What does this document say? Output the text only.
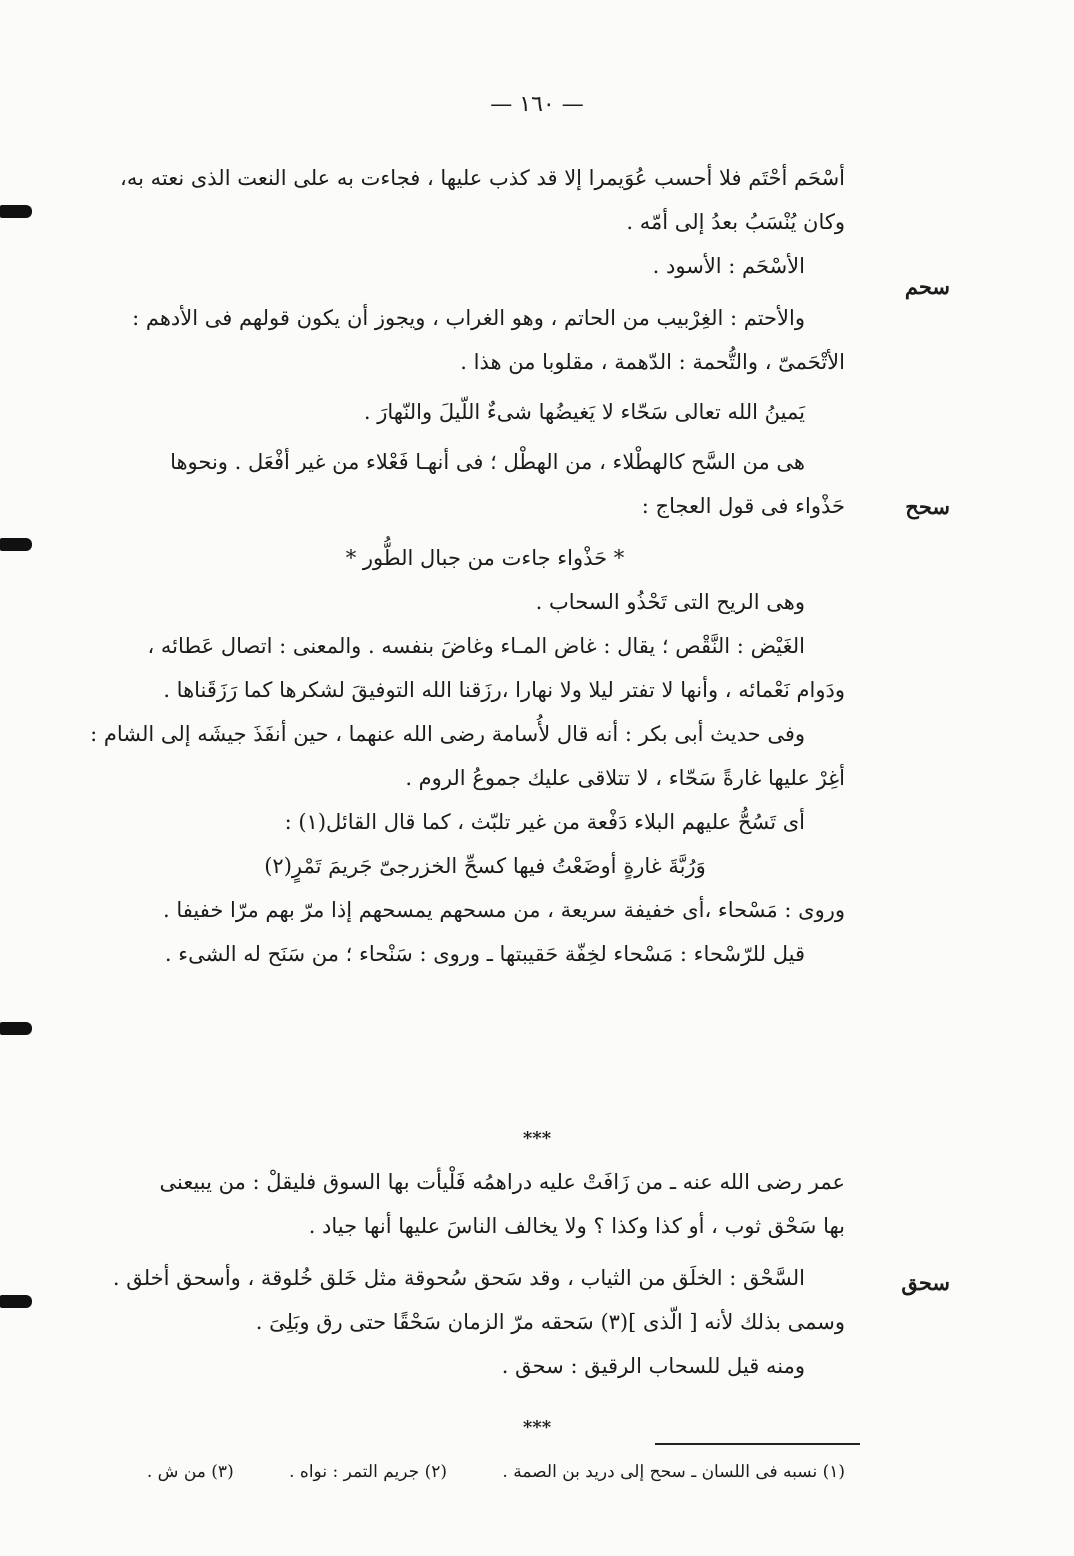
— ١٦٠ —
سحم
سحح
سحق
أسْحَم أحْتَم فلا أحسب عُوَيمرا إلا قد كذب عليها ، فجاءت به على النعت الذى نعته به،
وكان يُنْسَبُ بعدُ إلى أمّه .
الأسْحَم : الأسود .
والأحتم : الغِرْبيب من الحاتم ، وهو الغراب ، ويجوز أن يكون قولهم فى الأدهم :
الأتْحَمىّ ، والتُّحمة : الدّهمة ، مقلوبا من هذا .
يَمينُ الله تعالى سَحّاء لا يَغيضُها شىءٌ اللّيلَ والنّهارَ .
هى من السَّح كالهطْلاء ، من الهطْل ؛ فى أنهـا فَعْلاء من غير أفْعَل . ونحوها
حَذْواء فى قول العجاج :
* حَذْواء جاءت من جبال الطُّور *
وهى الريح التى تَحْذُو السحاب .
الغَيْض : النَّقْص ؛ يقال : غاض المـاء وغاضَ بنفسه . والمعنى : اتصال عَطائه ،
ودَوام نَعْمائه ، وأنها لا تفتر ليلا ولا نهارا ،رزَقنا الله التوفيقَ لشكرها كما رَزَقَناها .
وفى حديث أبى بكر : أنه قال لأُسامة رضى الله عنهما ، حين أنفَذَ جيشَه إلى الشام :
أغِرْ عليها غارةً سَحّاء ، لا تتلاقى عليك جموعُ الروم .
أى تَسُحُّ عليهم البلاء دَفْعة من غير تلبّث ، كما قال القائل(١) :
وَرُبَّةَ غارةٍ أوضَعْتُ فيها كسحِّ الخزرجىّ جَريمَ تَمْرٍ(٢)
وروى : مَسْحاء ،أى خفيفة سريعة ، من مسحهم يمسحهم إذا مرّ بهم مرّا خفيفا .
قيل للرّسْحاء : مَسْحاء لخِفّة حَقيبتها ـ وروى : سَنْحاء ؛ من سَنَح له الشىء .
***
عمر رضى الله عنه ـ من زَافَتْ عليه دراهمُه فَلْيأت بها السوق فليقلْ : من يبيعنى
بها سَحْق ثوب ، أو كذا وكذا ؟ ولا يخالف الناسَ عليها أنها جياد .
السَّحْق : الخلَق من الثياب ، وقد سَحق سُحوقة مثل خَلق خُلوقة ، وأسحق أخلق .
وسمى بذلك لأنه [ الّذى ](٣) سَحقه مرّ الزمان سَحْقًا حتى رق وبَلِىَ .
ومنه قيل للسحاب الرقيق : سحق .
***
(١) نسبه فى اللسان ـ سحح إلى دريد بن الصمة . (٢) جريم التمر : نواه . (٣) من ش .
